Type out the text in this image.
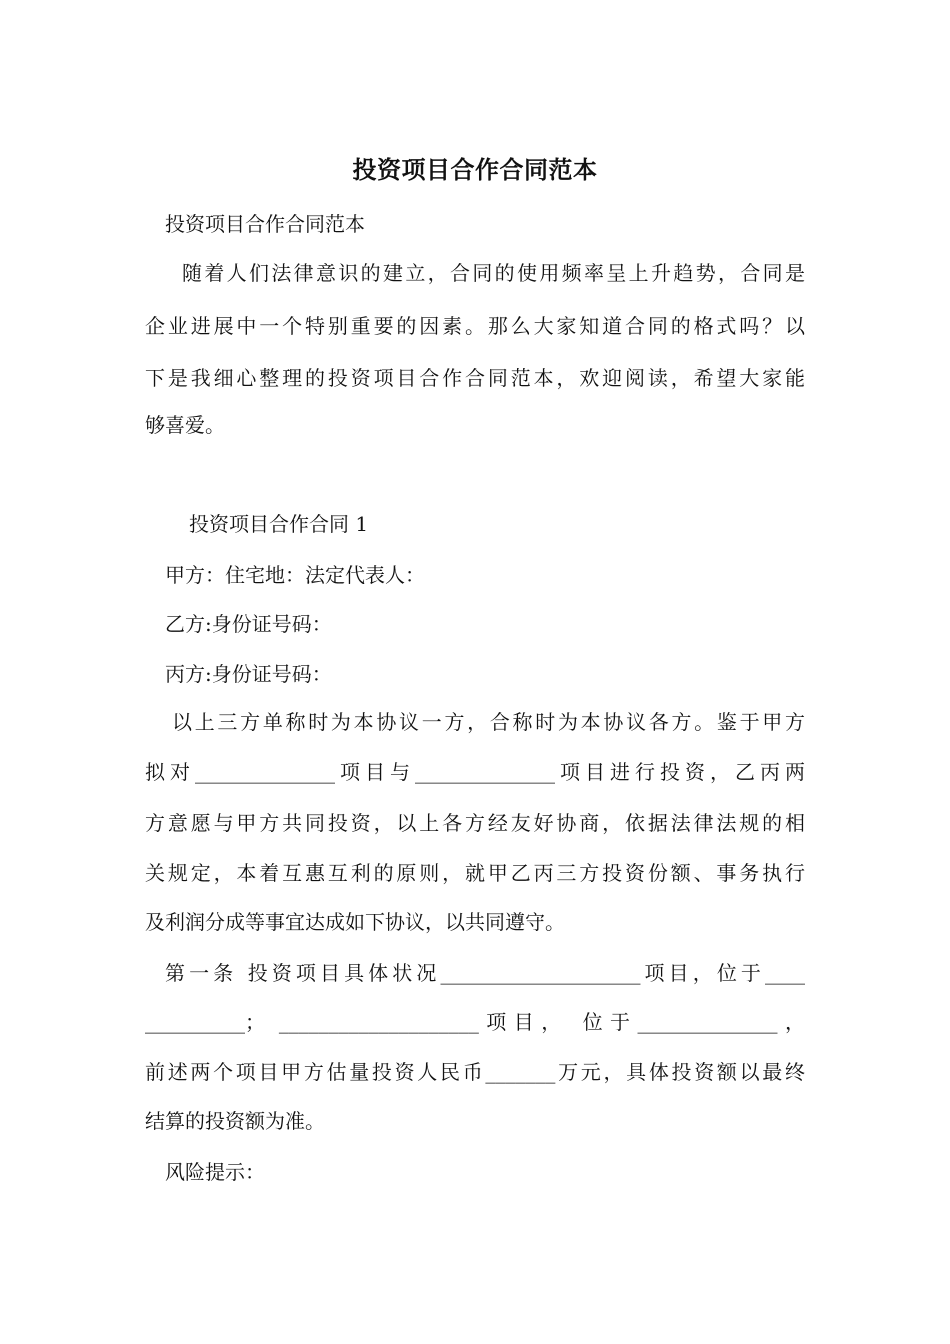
投资项目合作合同范本
投资项目合作合同范本
随着人们法律意识的建立，合同的使用频率呈上升趋势，合同是
企业进展中一个特别重要的因素。那么大家知道合同的格式吗？以
下是我细心整理的投资项目合作合同范本，欢迎阅读，希望大家能
够喜爱。
投资项目合作合同 1
甲方：住宅地：法定代表人：
乙方:身份证号码：
丙方:身份证号码：
以上三方单称时为本协议一方，合称时为本协议各方。鉴于甲方
拟对______________项目与______________项目进行投资，乙丙两
方意愿与甲方共同投资，以上各方经友好协商，依据法律法规的相
关规定，本着互惠互利的原则，就甲乙丙三方投资份额、事务执行
及利润分成等事宜达成如下协议，以共同遵守。
第一条 投资项目具体状况____________________项目，位于____
__________； ____________________项目， 位于______________，
前述两个项目甲方估量投资人民币_______万元，具体投资额以最终
结算的投资额为准。
风险提示：
